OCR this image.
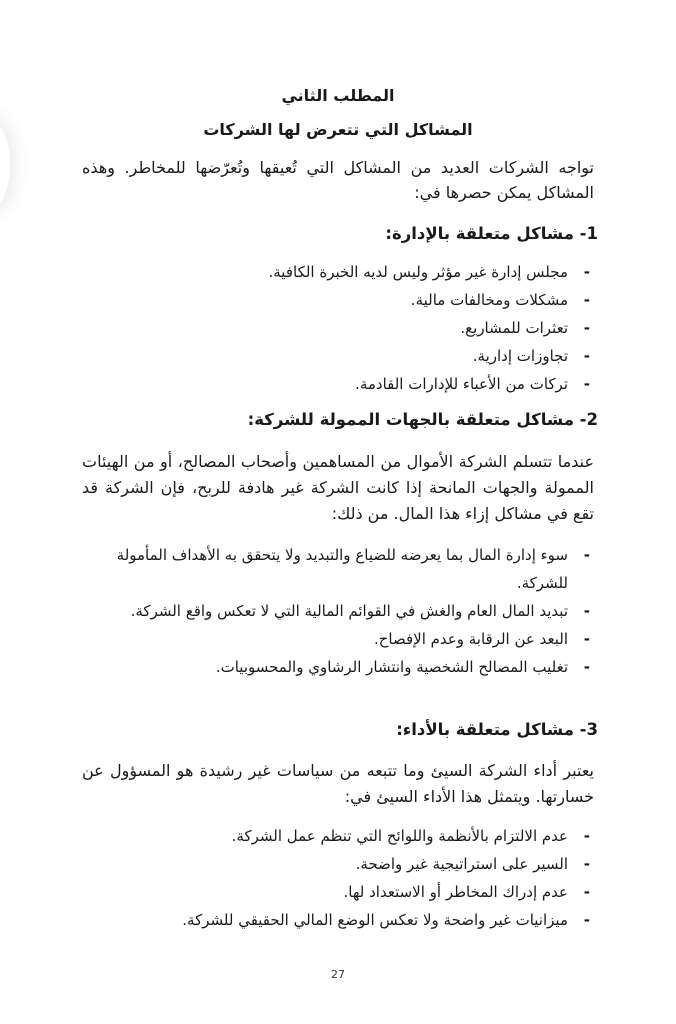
المطلب الثاني
المشاكل التي تتعرض لها الشركات

تواجه الشركات العديد من المشاكل التي تُعيقها وتُعرّضها للمخاطر. وهذه المشاكل يمكن حصرها في:

1- مشاكل متعلقة بالإدارة:
- مجلس إدارة غير مؤثر وليس لديه الخبرة الكافية.
- مشكلات ومخالفات مالية.
- تعثرات للمشاريع.
- تجاوزات إدارية.
- تركات من الأعباء للإدارات القادمة.
2- مشاكل متعلقة بالجهات الممولة للشركة:

عندما تتسلم الشركة الأموال من المساهمين وأصحاب المصالح، أو من الهيئات الممولة والجهات المانحة إذا كانت الشركة غير هادفة للربح، فإن الشركة قد تقع في مشاكل إزاء هذا المال. من ذلك:

- سوء إدارة المال بما يعرضه للضياع والتبديد ولا يتحقق به الأهداف المأمولة للشركة.
- تبديد المال العام والغش في القوائم المالية التي لا تعكس واقع الشركة.
- البعد عن الرقابة وعدم الإفصاح.
- تغليب المصالح الشخصية وانتشار الرشاوي والمحسوبيات.
3- مشاكل متعلقة بالأداء:

يعتبر أداء الشركة السيئ وما تتبعه من سياسات غير رشيدة هو المسؤول عن خسارتها. ويتمثل هذا الأداء السيئ في:

- عدم الالتزام بالأنظمة واللوائح التي تنظم عمل الشركة.
- السير على استراتيجية غير واضحة.
- عدم إدراك المخاطر أو الاستعداد لها.
- ميزانيات غير واضحة ولا تعكس الوضع المالي الحقيقي للشركة.
27
